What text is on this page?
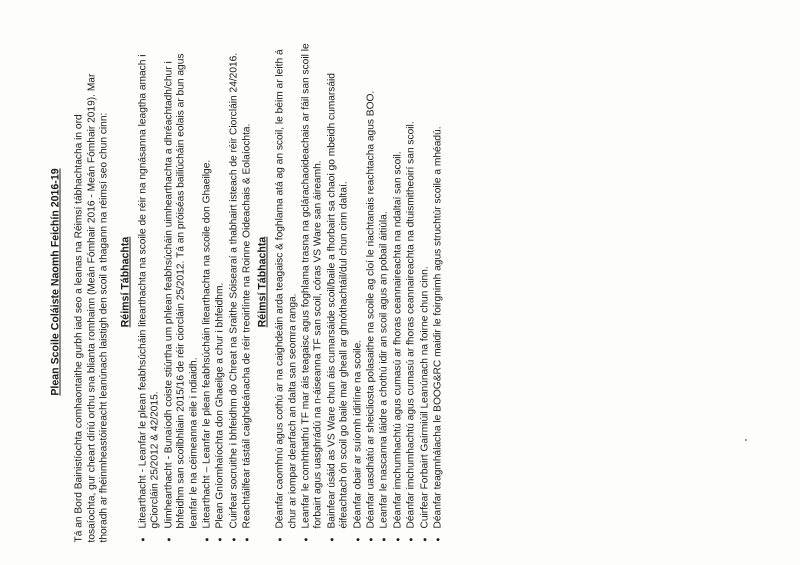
Plean Scoile Coláiste Naomh Feichín 2016-19 Tá an Bord Bainistíochta comhaontaithe gurbh iad seo a leanas na Réimsí tábhachtacha in ord tosaíochta, gur cheart díriú orthu sna blianta romhainn (Meán Fómhair 2016 - Meán Fómhair 2019). Mar thoradh ar fhéinmheastóireacht leanúnach laistigh den scoil a thagann na réimsí seo chun cinn: Réimsí Tábhachta
•
Litearthacht - Leanfar le plean feabhsúcháin litearthachta na scoile de réir na ngnásanna leagtha amach i gCiorcláin 25/2012 & 42/2015.
•
Uimhearthacht - Bunaíodh coiste stiúrtha um phlean feabhsúcháin uimhearthachta a dhréachtadh/chur i bhfeidhm san scoilbhliain 2015/16 de réir ciorcláin 25/2012. Tá an próiséas bailiúcháin eolais ar bun agus leanfar le na céimeanna eile i ndiaidh.
•
Litearthacht – Leanfar le plean feabhsúcháin litearthachta na scoile don Ghaeilge.
•
Plean Gníomhaíochta don Ghaeilge a chur i bhfeidhm.
•
Cuirfear socruithe i bhfeidhm do Chreat na Sraithe Sóisearaí a thabhairt isteach de réir Ciorcláin 24/2016.
•
Reachtáilfear tástáil caighdeánacha de réir treoirlínte na Roinne Oideachais & Eolaíochta. Réimsí Tábhachta
•
Déanfar caomhnú agus cothú ar na caighdeáin arda teagaisc & foghlama atá ag an scoil, le béim ar leith á chur ar iompar dearfach an dalta san seomra ranga.
•
Leanfar le comhthathú TF mar áis teagaisc agus foghlama trasna na gclárachaoideachais ar fáil san scoil le forbairt agus uasghrádú na n-áiseanna TF san scoil, córas VS Ware san áireamh.
•
Bainfear úsáid as VS Ware chun áis cumarsáide scoil/baile a fhorbairt sa chaoi go mbeidh cumarsáid éifeachtach ón scoil go baile mar gheall ar ghnóthachtáil/dul chun cinn daltaí.
•
Déanfar obair ar suíomh idirlíne na scoile.
•
Déanfar uasdhátú ar sheicliosta polasaithe na scoile ag cloí le riachtanais reachtacha agus BOO.
•
Leanfar le nascanna láidre a chothú idir an scoil agus an pobail áitiúla.
•
Déanfar imchumhachtú agus cumasú ar fhoras ceannaireachta na ndaltaí san scoil.
•
Déanfar imchumhachtú agus cumasú ar fhoras ceannaireachta na dtuismitheoirí san scoil.
•
Cuirfear Forbairt Gairmiúil Leanúnach na foirne chun cinn.
•
Déanfar teagmhálacha le BOOG&RC maidir le foirgnimh agus struchtúr scoile a mhéadú.
